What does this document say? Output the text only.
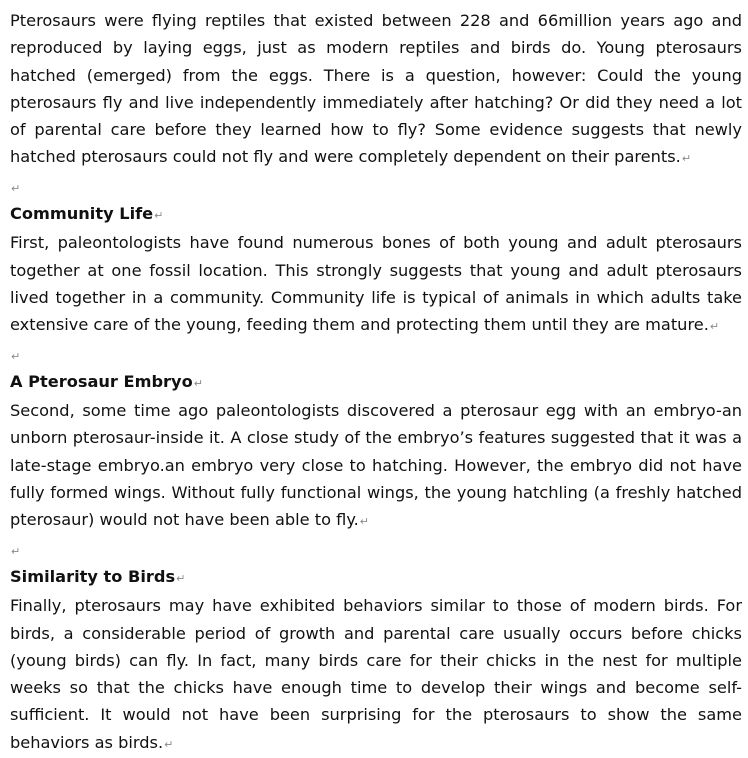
Pterosaurs were flying reptiles that existed between 228 and 66million years ago and reproduced by laying eggs, just as modern reptiles and birds do. Young pterosaurs hatched (emerged) from the eggs. There is a question, however: Could the young pterosaurs fly and live independently immediately after hatching? Or did they need a lot of parental care before they learned how to fly? Some evidence suggests that newly hatched pterosaurs could not fly and were completely dependent on their parents.↵

↵
Community Life↵

First, paleontologists have found numerous bones of both young and adult pterosaurs together at one fossil location. This strongly suggests that young and adult pterosaurs lived together in a community. Community life is typical of animals in which adults take extensive care of the young, feeding them and protecting them until they are mature.↵

↵
A Pterosaur Embryo↵

Second, some time ago paleontologists discovered a pterosaur egg with an embryo-an unborn pterosaur-inside it. A close study of the embryo’s features suggested that it was a late-stage embryo.an embryo very close to hatching. However, the embryo did not have fully formed wings. Without fully functional wings, the young hatchling (a freshly hatched pterosaur) would not have been able to fly.↵

↵
Similarity to Birds↵

Finally, pterosaurs may have exhibited behaviors similar to those of modern birds. For birds, a considerable period of growth and parental care usually occurs before chicks (young birds) can fly. In fact, many birds care for their chicks in the nest for multiple weeks so that the chicks have enough time to develop their wings and become self-sufficient. It would not have been surprising for the pterosaurs to show the same behaviors as birds.↵
